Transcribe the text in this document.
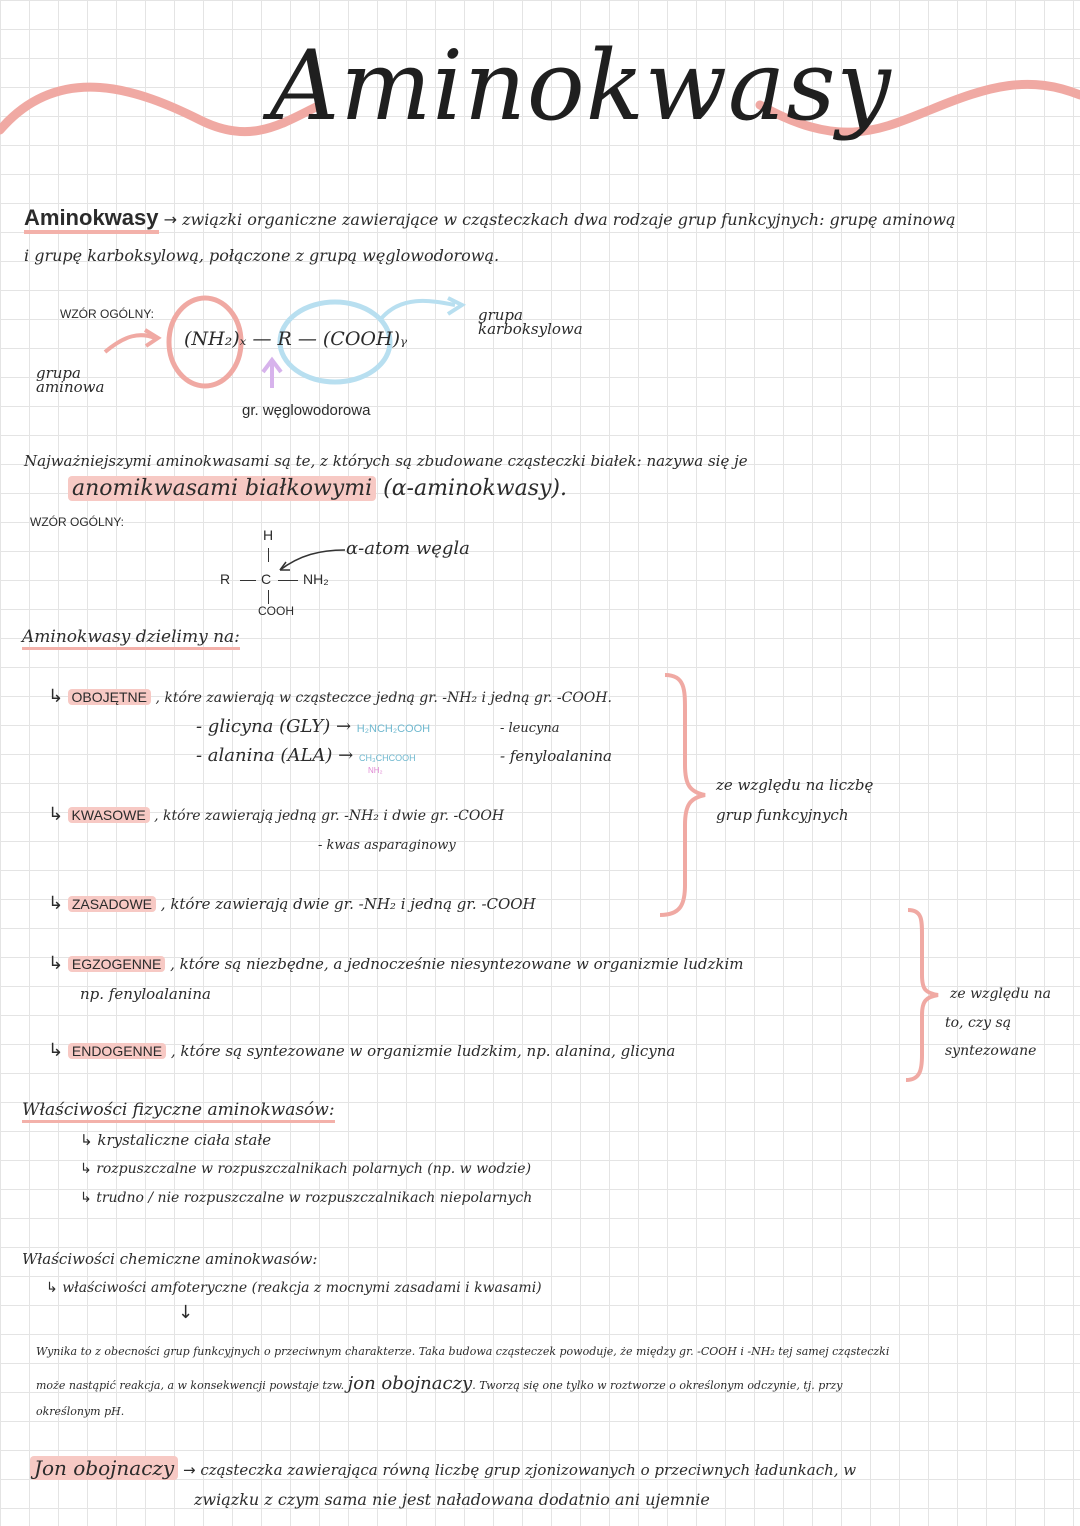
Aminokwasy
Aminokwasy → związki organiczne zawierające w cząsteczkach dwa rodzaje grup funkcyjnych: grupę aminową
i grupę karboksylową, połączone z grupą węglowodorową.
WZÓR OGÓLNY:
(NH₂)ₓ — R — (COOH)ᵧ
grupa karboksylowa
grupa aminowa
gr. węglowodorowa
Najważniejszymi aminokwasami są te, z których są zbudowane cząsteczki białek: nazywa się je
anomikwasami białkowymi (α-aminokwasy).
WZÓR OGÓLNY:
H
R C NH₂
COOH
α-atom węgla
Aminokwasy dzielimy na:
↳ OBOJĘTNE , które zawierają w cząsteczce jedną gr. -NH₂ i jedną gr. -COOH.
- glicyna (GLY) → H₂NCH₂COOH
- alanina (ALA) → CH₃CHCOOH
NH₂
- leucyna
- fenyloalanina
↳ KWASOWE , które zawierają jedną gr. -NH₂ i dwie gr. -COOH
- kwas asparaginowy
ze względu na liczbę
grup funkcyjnych
↳ ZASADOWE , które zawierają dwie gr. -NH₂ i jedną gr. -COOH
↳ EGZOGENNE , które są niezbędne, a jednocześnie niesyntezowane w organizmie ludzkim
np. fenyloalanina
↳ ENDOGENNE , które są syntezowane w organizmie ludzkim, np. alanina, glicyna
ze względu na
to, czy są
syntezowane
Właściwości fizyczne aminokwasów:
↳ krystaliczne ciała stałe
↳ rozpuszczalne w rozpuszczalnikach polarnych (np. w wodzie)
↳ trudno / nie rozpuszczalne w rozpuszczalnikach niepolarnych
Właściwości chemiczne aminokwasów:
↳ właściwości amfoteryczne (reakcja z mocnymi zasadami i kwasami)
↓
Wynika to z obecności grup funkcyjnych o przeciwnym charakterze. Taka budowa cząsteczek powoduje, że między gr. -COOH i -NH₂ tej samej cząsteczki
może nastąpić reakcja, a w konsekwencji powstaje tzw. jon obojnaczy. Tworzą się one tylko w roztworze o określonym odczynie, tj. przy
określonym pH.
Jon obojnaczy → cząsteczka zawierająca równą liczbę grup zjonizowanych o przeciwnych ładunkach, w
związku z czym sama nie jest naładowana dodatnio ani ujemnie
